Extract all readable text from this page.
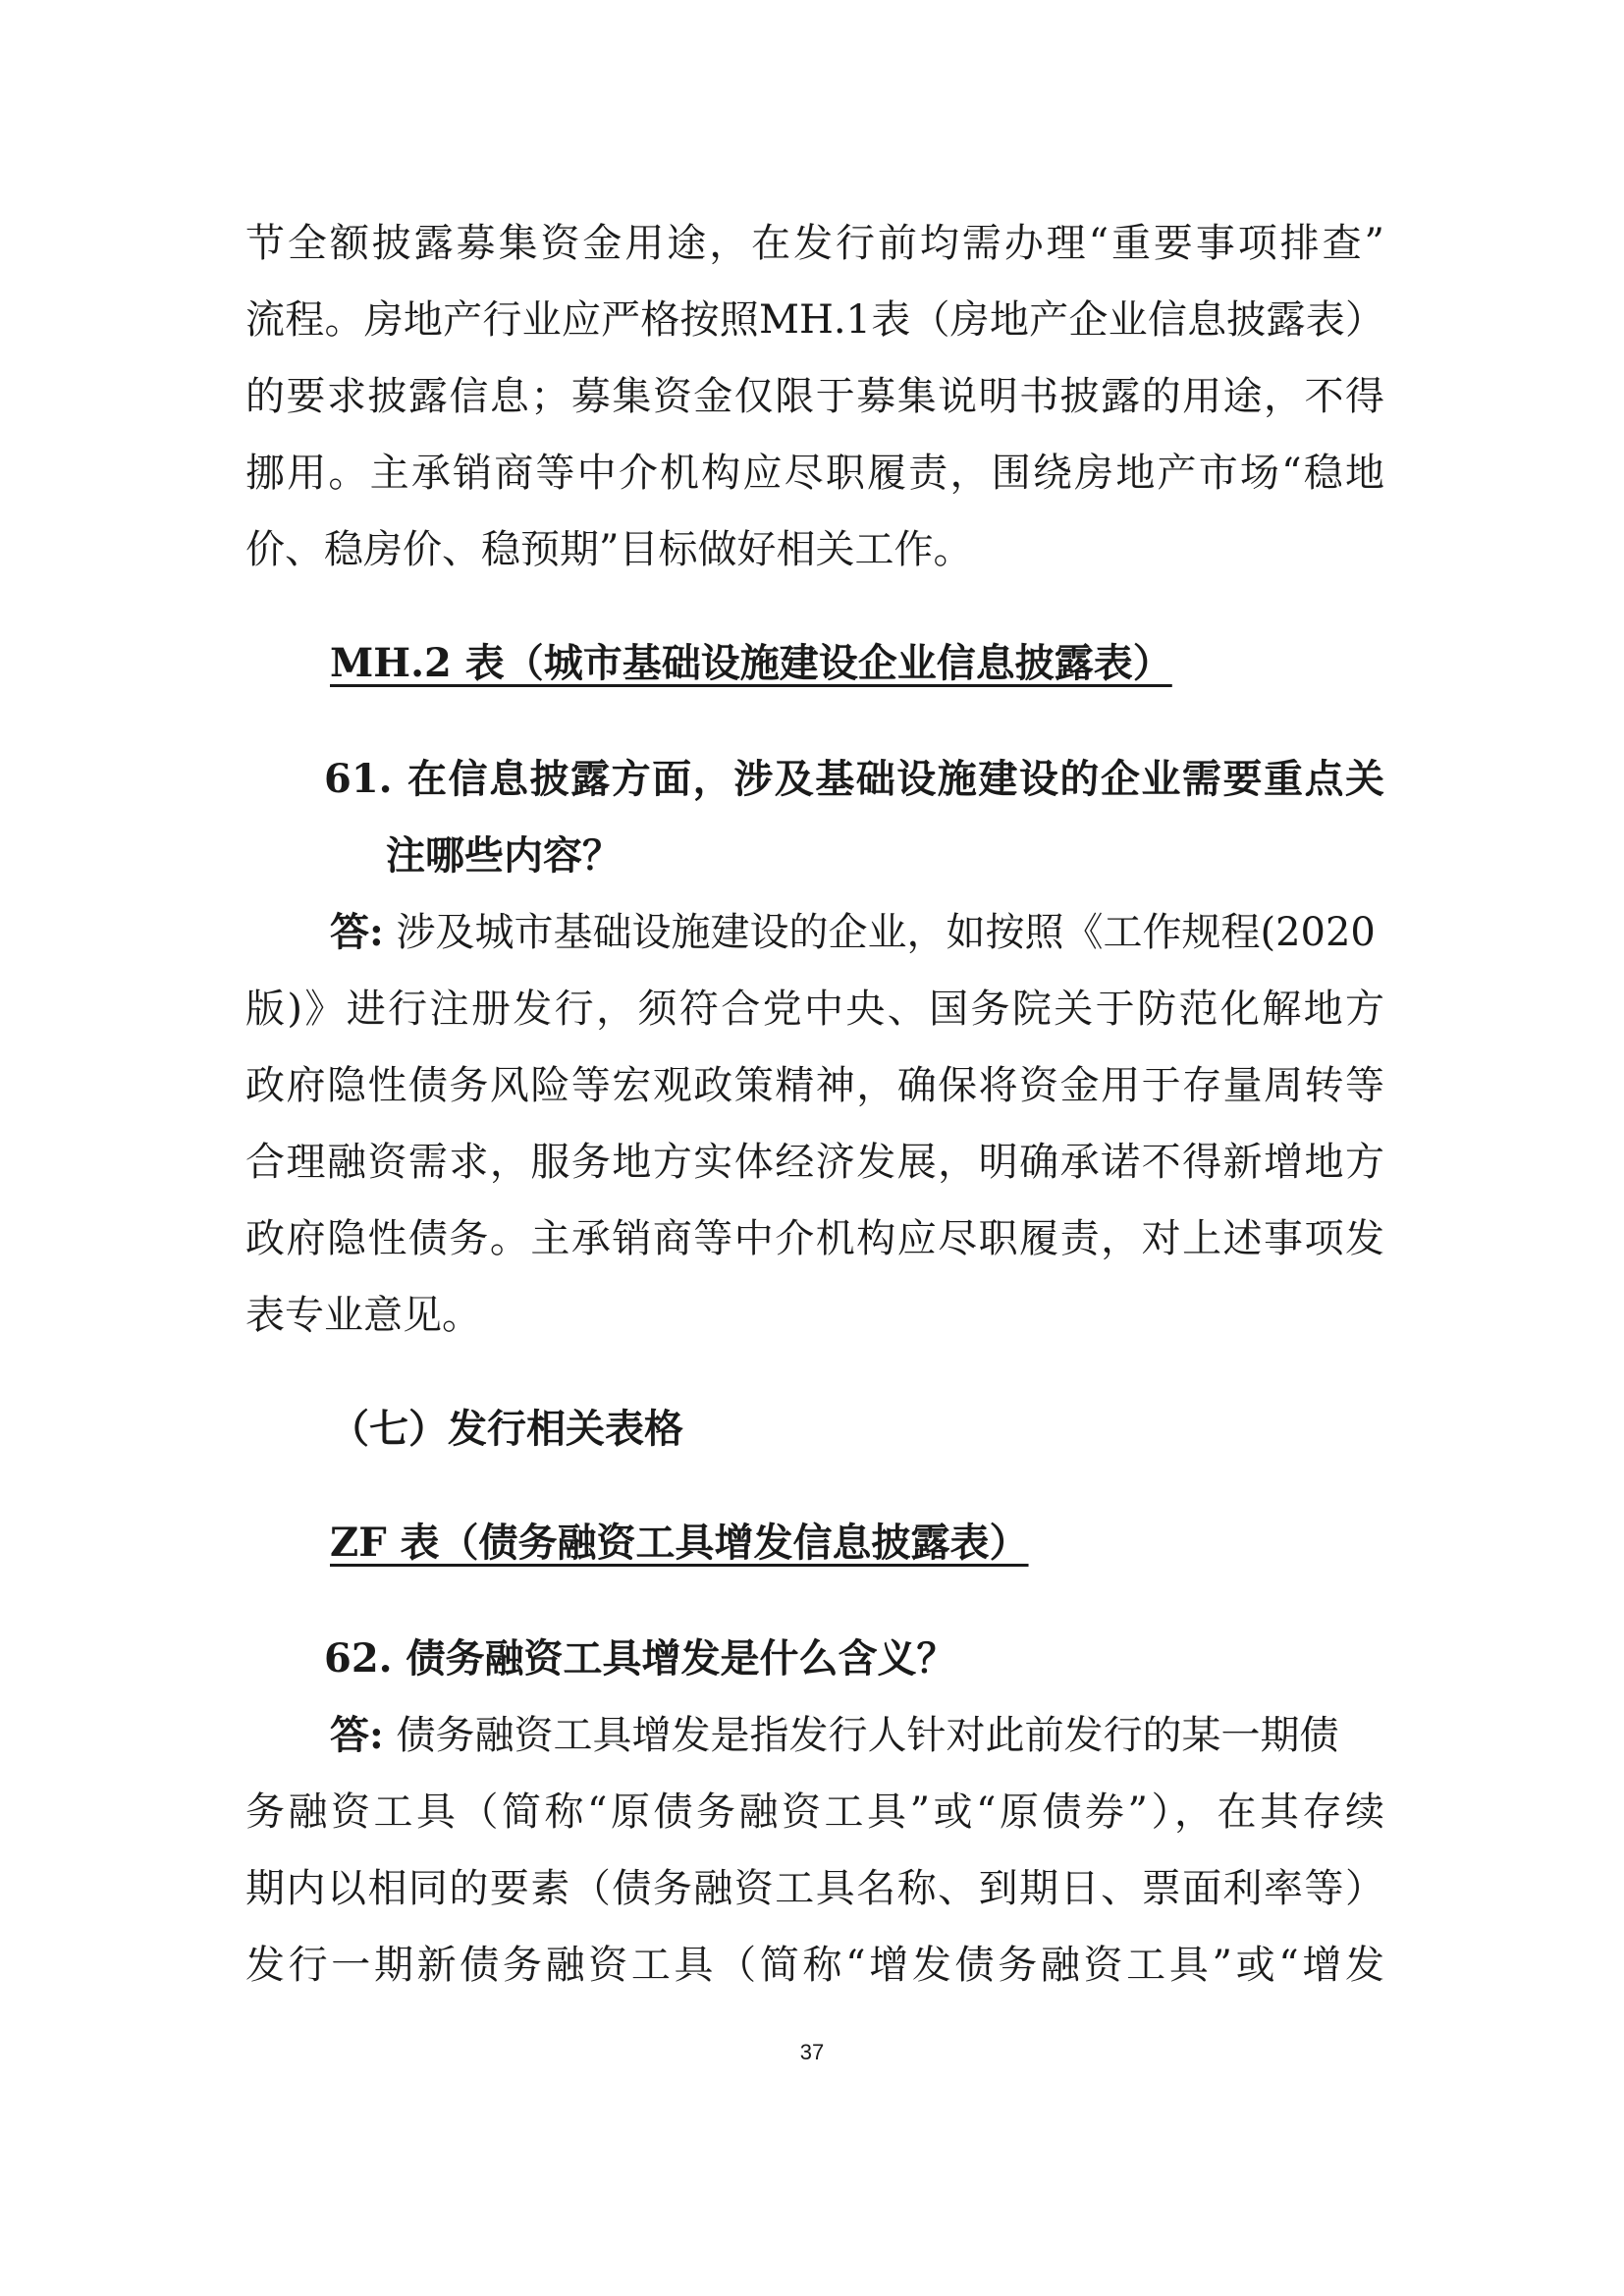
节全额披露募集资金用途，在发行前均需办理“重要事项排查”
流程。房地产行业应严格按照MH.1表（房地产企业信息披露表）
的要求披露信息；募集资金仅限于募集说明书披露的用途，不得
挪用。主承销商等中介机构应尽职履责，围绕房地产市场“稳地
价、稳房价、稳预期”目标做好相关工作。
MH.2 表（城市基础设施建设企业信息披露表）
61. 在信息披露方面，涉及基础设施建设的企业需要重点关
注哪些内容？
答: 涉及城市基础设施建设的企业，如按照《工作规程(2020
版)》进行注册发行，须符合党中央、国务院关于防范化解地方
政府隐性债务风险等宏观政策精神，确保将资金用于存量周转等
合理融资需求，服务地方实体经济发展，明确承诺不得新增地方
政府隐性债务。主承销商等中介机构应尽职履责，对上述事项发
表专业意见。
（七）发行相关表格
ZF 表（债务融资工具增发信息披露表）
62. 债务融资工具增发是什么含义？
答: 债务融资工具增发是指发行人针对此前发行的某一期债
务融资工具（简称“原债务融资工具”或“原债券”），在其存续
期内以相同的要素（债务融资工具名称、到期日、票面利率等）
发行一期新债务融资工具（简称“增发债务融资工具”或“增发
37
